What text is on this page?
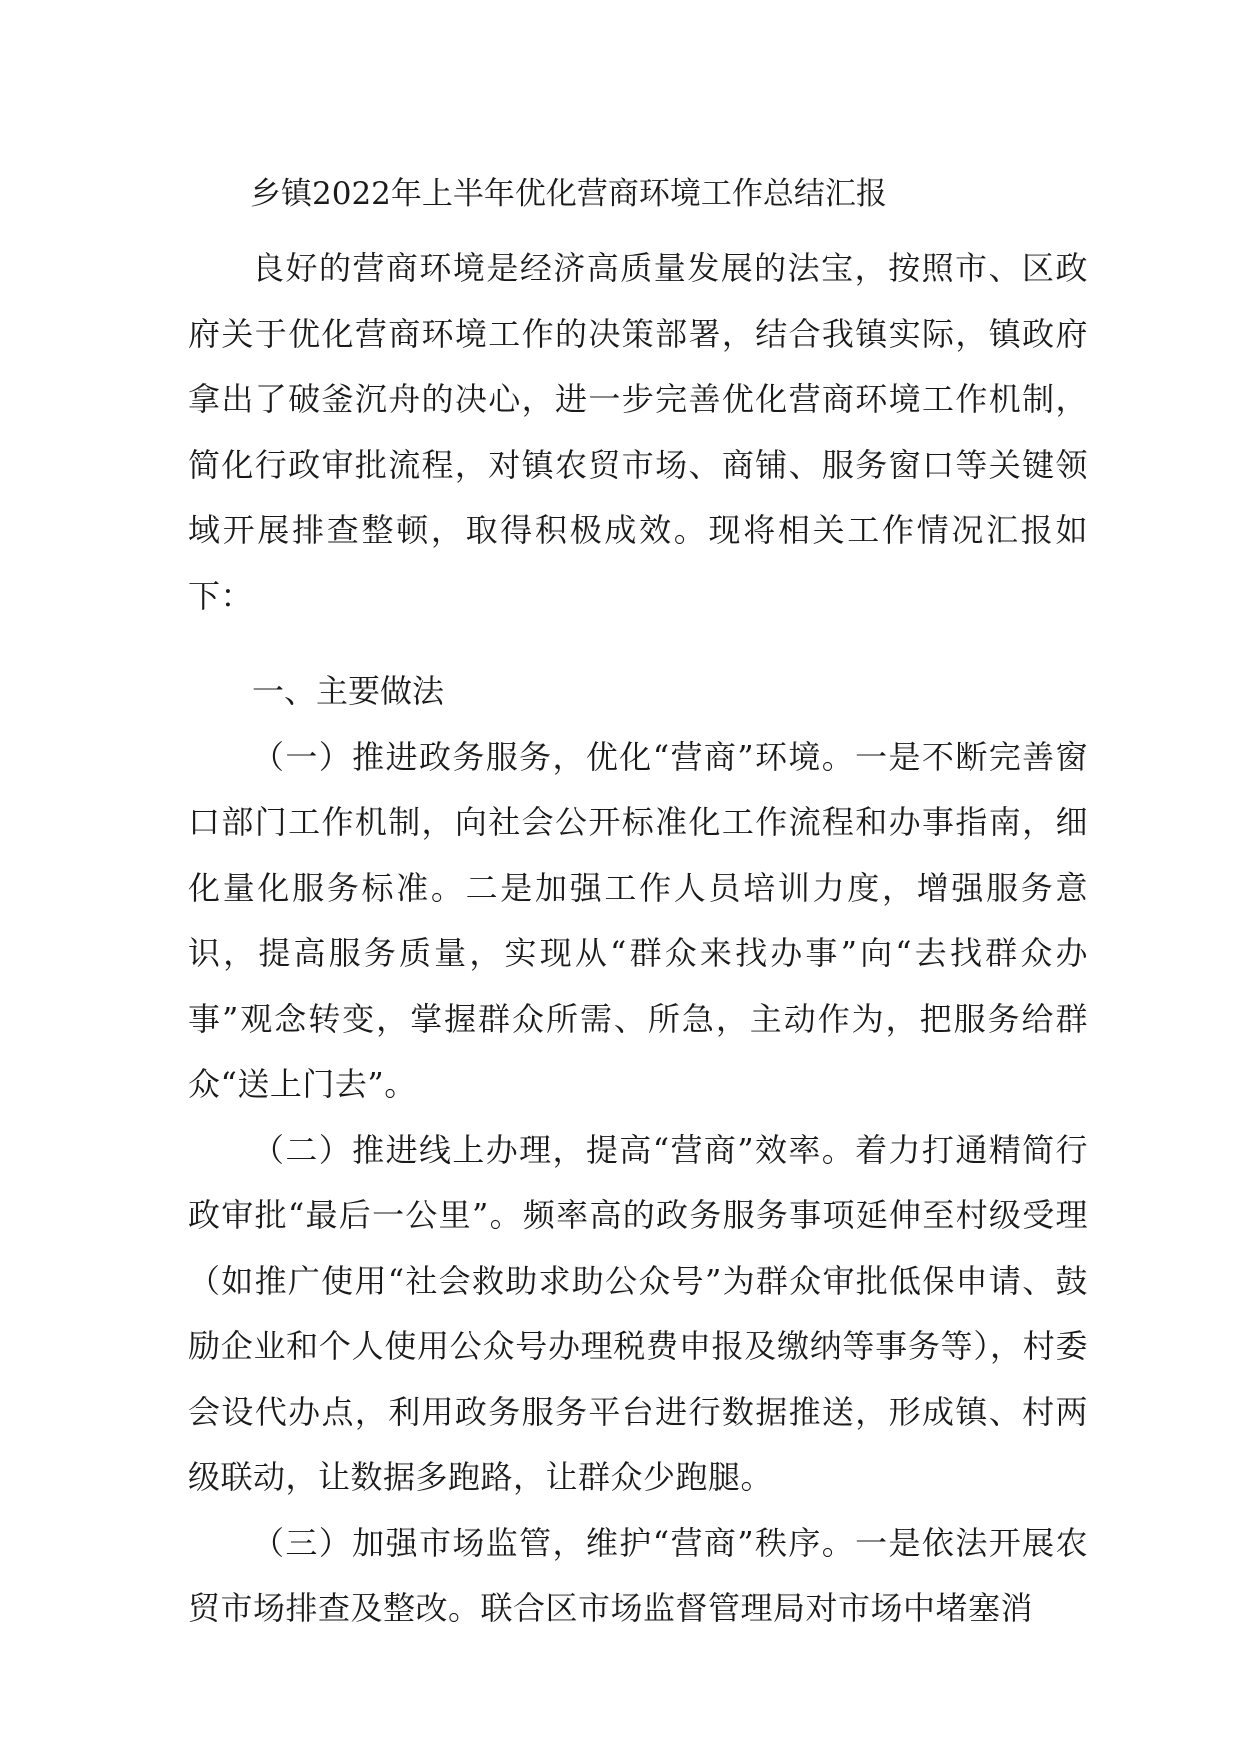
乡镇2022年上半年优化营商环境工作总结汇报

良好的营商环境是经济高质量发展的法宝，按照市、区政府关于优化营商环境工作的决策部署，结合我镇实际，镇政府拿出了破釜沉舟的决心，进一步完善优化营商环境工作机制，简化行政审批流程，对镇农贸市场、商铺、服务窗口等关键领域开展排查整顿，取得积极成效。现将相关工作情况汇报如下：

一、主要做法

（一）推进政务服务，优化“营商”环境。一是不断完善窗口部门工作机制，向社会公开标准化工作流程和办事指南，细化量化服务标准。二是加强工作人员培训力度，增强服务意识，提高服务质量，实现从“群众来找办事”向“去找群众办事”观念转变，掌握群众所需、所急，主动作为，把服务给群众“送上门去”。

（二）推进线上办理，提高“营商”效率。着力打通精简行政审批“最后一公里”。频率高的政务服务事项延伸至村级受理（如推广使用“社会救助求助公众号”为群众审批低保申请、鼓励企业和个人使用公众号办理税费申报及缴纳等事务等），村委会设代办点，利用政务服务平台进行数据推送，形成镇、村两级联动，让数据多跑路，让群众少跑腿。

（三）加强市场监管，维护“营商”秩序。一是依法开展农贸市场排查及整改。联合区市场监督管理局对市场中堵塞消
